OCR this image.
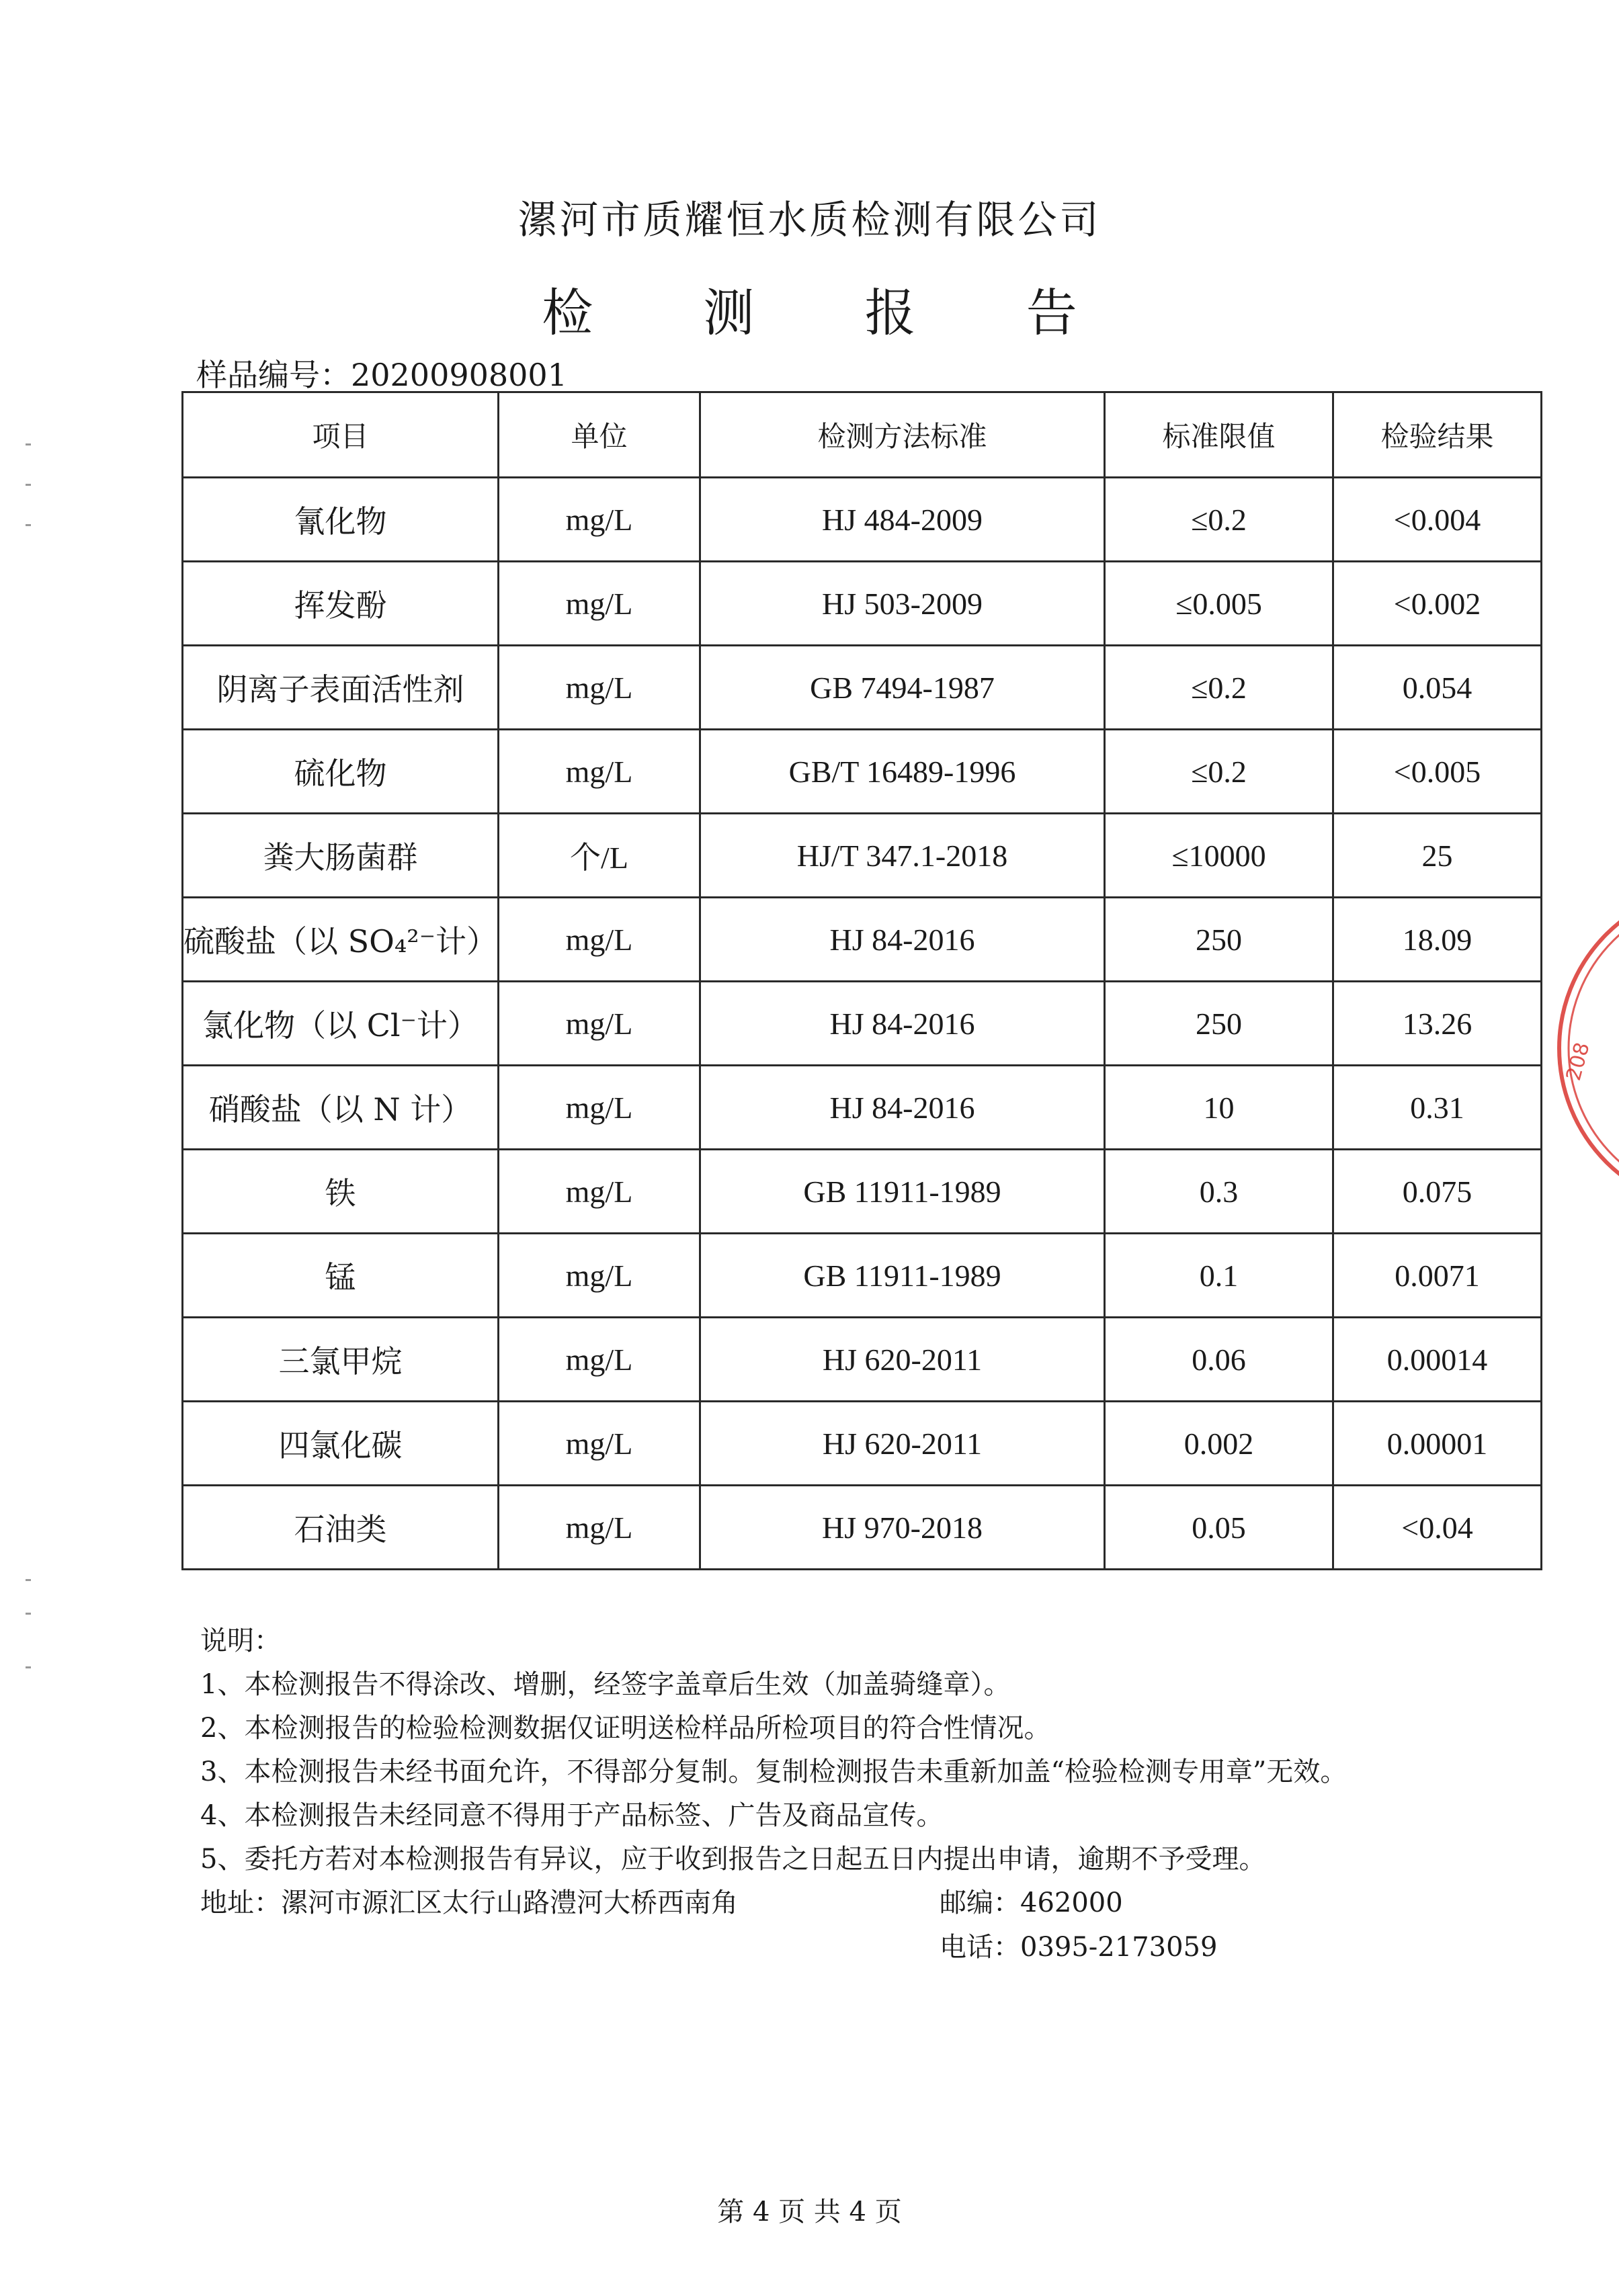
漯河市质耀恒水质检测有限公司
检 测 报 告
样品编号：20200908001
项目	单位	检测方法标准	标准限值	检验结果
氰化物	mg/L	HJ 484-2009	≤0.2	<0.004
挥发酚	mg/L	HJ 503-2009	≤0.005	<0.002
阴离子表面活性剂	mg/L	GB 7494-1987	≤0.2	0.054
硫化物	mg/L	GB/T 16489-1996	≤0.2	<0.005
粪大肠菌群	个/L	HJ/T 347.1-2018	≤10000	25
硫酸盐（以 SO₄²⁻计）	mg/L	HJ 84-2016	250	18.09
氯化物（以 Cl⁻计）	mg/L	HJ 84-2016	250	13.26
硝酸盐（以 N 计）	mg/L	HJ 84-2016	10	0.31
铁	mg/L	GB 11911-1989	0.3	0.075
锰	mg/L	GB 11911-1989	0.1	0.0071
三氯甲烷	mg/L	HJ 620-2011	0.06	0.00014
四氯化碳	mg/L	HJ 620-2011	0.002	0.00001
石油类	mg/L	HJ 970-2018	0.05	<0.04
说明：
1、本检测报告不得涂改、增删，经签字盖章后生效（加盖骑缝章）。
2、本检测报告的检验检测数据仅证明送检样品所检项目的符合性情况。
3、本检测报告未经书面允许，不得部分复制。复制检测报告未重新加盖“检验检测专用章”无效。
4、本检测报告未经同意不得用于产品标签、广告及商品宣传。
5、委托方若对本检测报告有异议，应于收到报告之日起五日内提出申请，逾期不予受理。
地址：漯河市源汇区太行山路澧河大桥西南角	邮编：462000
电话：0395-2173059
第 4 页 共 4 页
208
